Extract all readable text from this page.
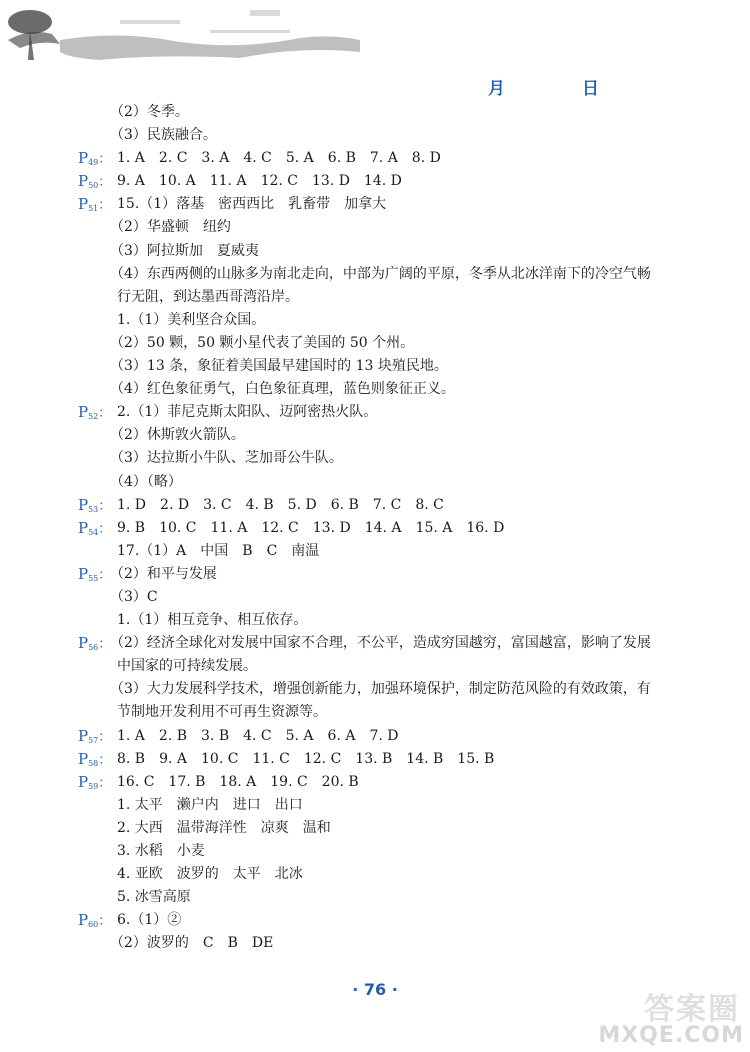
月	日
（2）冬季。
（3）民族融合。
$P_{49}$： 1. A　2. C　3. A　4. C　5. A　6. B　7. A　8. D
$P_{50}$： 9. A　10. A　11. A　12. C　13. D　14. D
$P_{51}$： 15.（1）落基　密西西比　乳畜带　加拿大
（2）华盛顿　纽约
（3）阿拉斯加　夏威夷
（4）东西两侧的山脉多为南北走向，中部为广阔的平原，冬季从北冰洋南下的冷空气畅
行无阻，到达墨西哥湾沿岸。
1.（1）美利坚合众国。
（2）50 颗，50 颗小星代表了美国的 50 个州。
（3）13 条，象征着美国最早建国时的 13 块殖民地。
（4）红色象征勇气，白色象征真理，蓝色则象征正义。
$P_{52}$： 2.（1）菲尼克斯太阳队、迈阿密热火队。
（2）休斯敦火箭队。
（3）达拉斯小牛队、芝加哥公牛队。
（4）（略）
$P_{53}$： 1. D　2. D　3. C　4. B　5. D　6. B　7. C　8. C
$P_{54}$： 9. B　10. C　11. A　12. C　13. D　14. A　15. A　16. D
17.（1）A　中国　B　C　南温
$P_{55}$：
（2）和平与发展
（3）C
1.（1）相互竞争、相互依存。
$P_{56}$：
（2）经济全球化对发展中国家不合理，不公平，造成穷国越穷，富国越富，影响了发展
中国家的可持续发展。
（3）大力发展科学技术，增强创新能力，加强环境保护，制定防范风险的有效政策，有
节制地开发利用不可再生资源等。
$P_{57}$： 1. A　2. B　3. B　4. C　5. A　6. A　7. D
$P_{58}$： 8. B　9. A　10. C　11. C　12. C　13. B　14. B　15. B
$P_{59}$： 16. C　17. B　18. A　19. C　20. B
1. 太平　濑户内　进口　出口
2. 大西　温带海洋性　凉爽　温和
3. 水稻　小麦
4. 亚欧　波罗的　太平　北冰
5. 冰雪高原
$P_{60}$： 6.（1）②
（2）波罗的　C　B　DE
· 76 ·
答案圈
MXQE.COM
